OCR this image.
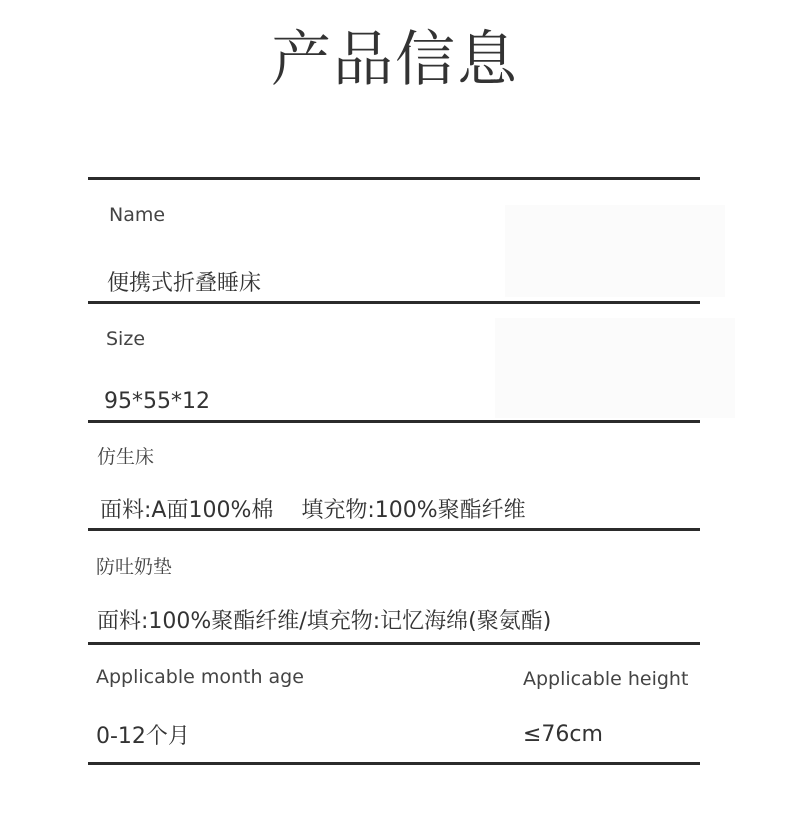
产品信息
Name
便携式折叠睡床
Size
95*55*12
仿生床
面料:A面100%棉    填充物:100%聚酯纤维
防吐奶垫
面料:100%聚酯纤维/填充物:记忆海绵(聚氨酯)
Applicable month age
0-12个月
Applicable height
≤76cm
